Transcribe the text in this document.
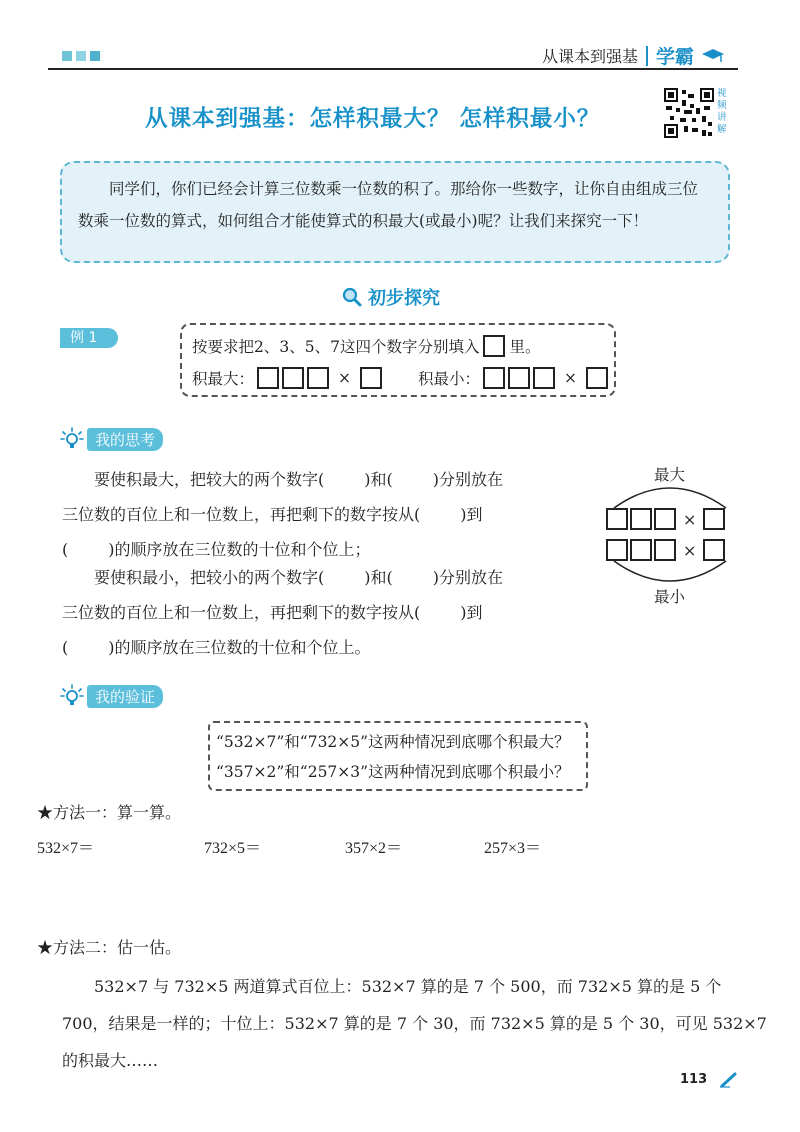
从课本到强基 学霸
从课本到强基：怎样积最大？ 怎样积最小？
视频讲解

同学们，你们已经会计算三位数乘一位数的积了。那给你一些数字，让你自由组成三位数乘一位数的算式，如何组合才能使算式的积最大(或最小)呢？让我们来探究一下！

初步探究
例 1	按要求把2、3、5、7这四个数字分别填入 里。
积最大：	×	积最小：	×
我的思考
要使积最大，把较大的两个数字(	)和(	)分别放在
三位数的百位上和一位数上，再把剩下的数字按从(	)到
(	)的顺序放在三位数的十位和个位上；
要使积最小，把较小的两个数字(	)和(	)分别放在
三位数的百位上和一位数上，再把剩下的数字按从(	)到
(	)的顺序放在三位数的十位和个位上。
最大
×
×
最小
我的验证
“532×7”和“732×5”这两种情况到底哪个积最大？
“357×2”和“257×3”这两种情况到底哪个积最小？
★方法一：算一算。
532×7＝	732×5＝	357×2＝	257×3＝
★方法二：估一估。
532×7 与 732×5 两道算式百位上：532×7 算的是 7 个 500，而 732×5 算的是 5 个
700，结果是一样的；十位上：532×7 算的是 7 个 30，而 732×5 算的是 5 个 30，可见 532×7
的积最大……
113
